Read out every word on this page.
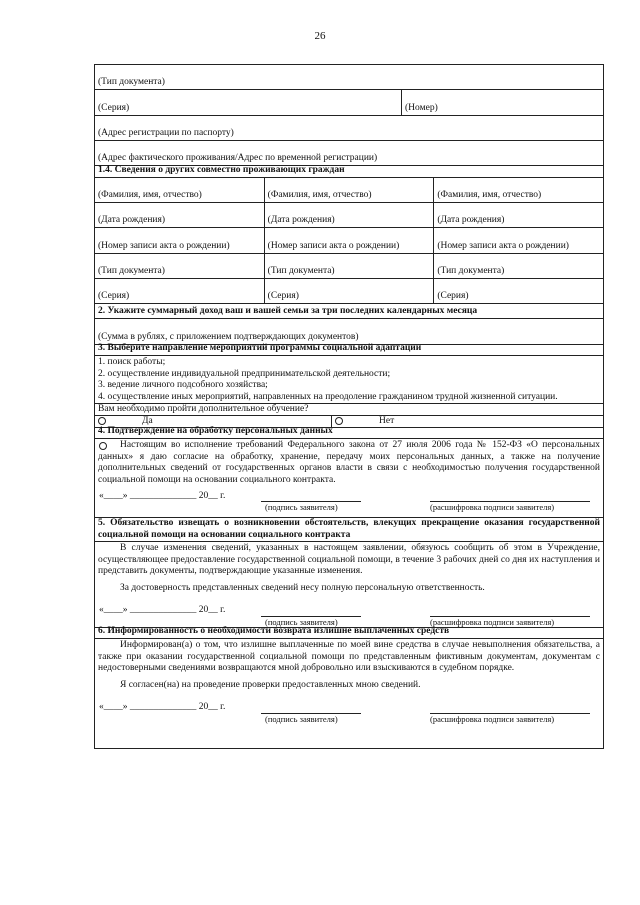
26
(Тип документа)
(Серия)	(Номер)
(Адрес регистрации по паспорту)
(Адрес фактического проживания/Адрес по временной регистрации)
1.4. Сведения о других совместно проживающих граждан
(Фамилия, имя, отчество)	(Фамилия, имя, отчество)	(Фамилия, имя, отчество)
(Дата рождения)	(Дата рождения)	(Дата рождения)
(Номер записи акта о рождении)	(Номер записи акта о рождении)	(Номер записи акта о рождении)
(Тип документа)	(Тип документа)	(Тип документа)
(Серия)	(Серия)	(Серия)
2. Укажите суммарный доход ваш и вашей семьи за три последних календарных месяца
(Сумма в рублях, с приложением подтверждающих документов)
3. Выберите направление мероприятий программы социальной адаптации
1. поиск работы;
2. осуществление индивидуальной предпринимательской деятельности;
3. ведение личного подсобного хозяйства;
4. осуществление иных мероприятий, направленных на преодоление гражданином трудной жизненной ситуации.
Вам необходимо пройти дополнительное обучение?
Да	Нет
4. Подтверждение на обработку персональных данных
Настоящим во исполнение требований Федерального закона от 27 июля 2006 года № 152-ФЗ «О персональных данных» я даю согласие на обработку, хранение, передачу моих персональных данных, а также на получение дополнительных сведений от государственных органов власти в связи с необходимостью получения государственной социальной помощи на основании социального контракта.
«____» ______________ 20__ г.
(подпись заявителя)	(расшифровка подписи заявителя)
5. Обязательство извещать о возникновении обстоятельств, влекущих прекращение оказания государственной социальной помощи на основании социального контракта
В случае изменения сведений, указанных в настоящем заявлении, обязуюсь сообщить об этом в Учреждение, осуществляющее предоставление государственной социальной помощи, в течение 3 рабочих дней со дня их наступления и представить документы, подтверждающие указанные изменения.
За достоверность представленных сведений несу полную персональную ответственность.
«____» ______________ 20__ г.
(подпись заявителя)	(расшифровка подписи заявителя)
6. Информированность о необходимости возврата излишне выплаченных средств
Информирован(а) о том, что излишне выплаченные по моей вине средства в случае невыполнения обязательства, а также при оказании государственной социальной помощи по представленным фиктивным документам, документам с недостоверными сведениями возвращаются мной добровольно или взыскиваются в судебном порядке.
Я согласен(на) на проведение проверки предоставленных мною сведений.
«____» ______________ 20__ г.
(подпись заявителя)	(расшифровка подписи заявителя)
